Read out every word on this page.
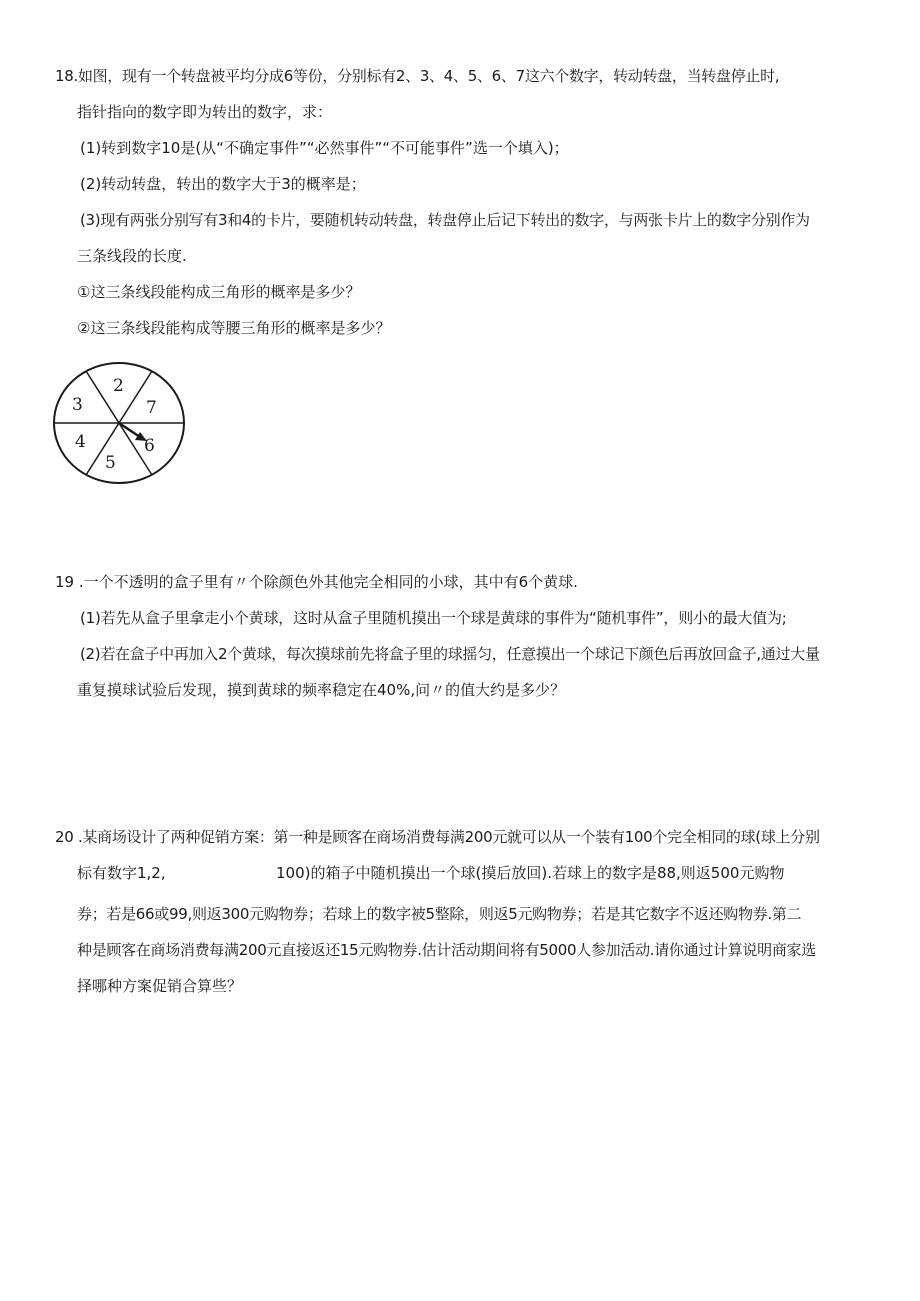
18.如图，现有一个转盘被平均分成6等份，分别标有2、3、4、5、6、7这六个数字，转动转盘，当转盘停止时,
指针指向的数字即为转出的数字，求：
(1)转到数字10是(从“不确定事件”“必然事件”“不可能事件”选一个填入)；
(2)转动转盘，转出的数字大于3的概率是；
(3)现有两张分别写有3和4的卡片，要随机转动转盘，转盘停止后记下转出的数字，与两张卡片上的数字分别作为
三条线段的长度.
①这三条线段能构成三角形的概率是多少？
②这三条线段能构成等腰三角形的概率是多少？
2
7
6
5
4
3
19 .一个不透明的盒子里有〃个除颜色外其他完全相同的小球，其中有6个黄球.
(1)若先从盒子里拿走小个黄球，这时从盒子里随机摸出一个球是黄球的事件为“随机事件”，则小的最大值为;
(2)若在盒子中再加入2个黄球，每次摸球前先将盒子里的球摇匀，任意摸出一个球记下颜色后再放回盒子,通过大量
重复摸球试验后发现，摸到黄球的频率稳定在40%,问〃的值大约是多少？
20 .某商场设计了两种促销方案：第一种是顾客在商场消费每满200元就可以从一个装有100个完全相同的球(球上分别
标有数字1,2,	100)的箱子中随机摸出一个球(摸后放回).若球上的数字是88,则返500元购物
券；若是66或99,则返300元购物券；若球上的数字被5整除，则返5元购物券；若是其它数字不返还购物券.第二
种是顾客在商场消费每满200元直接返还15元购物券.估计活动期间将有5000人参加活动.请你通过计算说明商家选
择哪种方案促销合算些？
